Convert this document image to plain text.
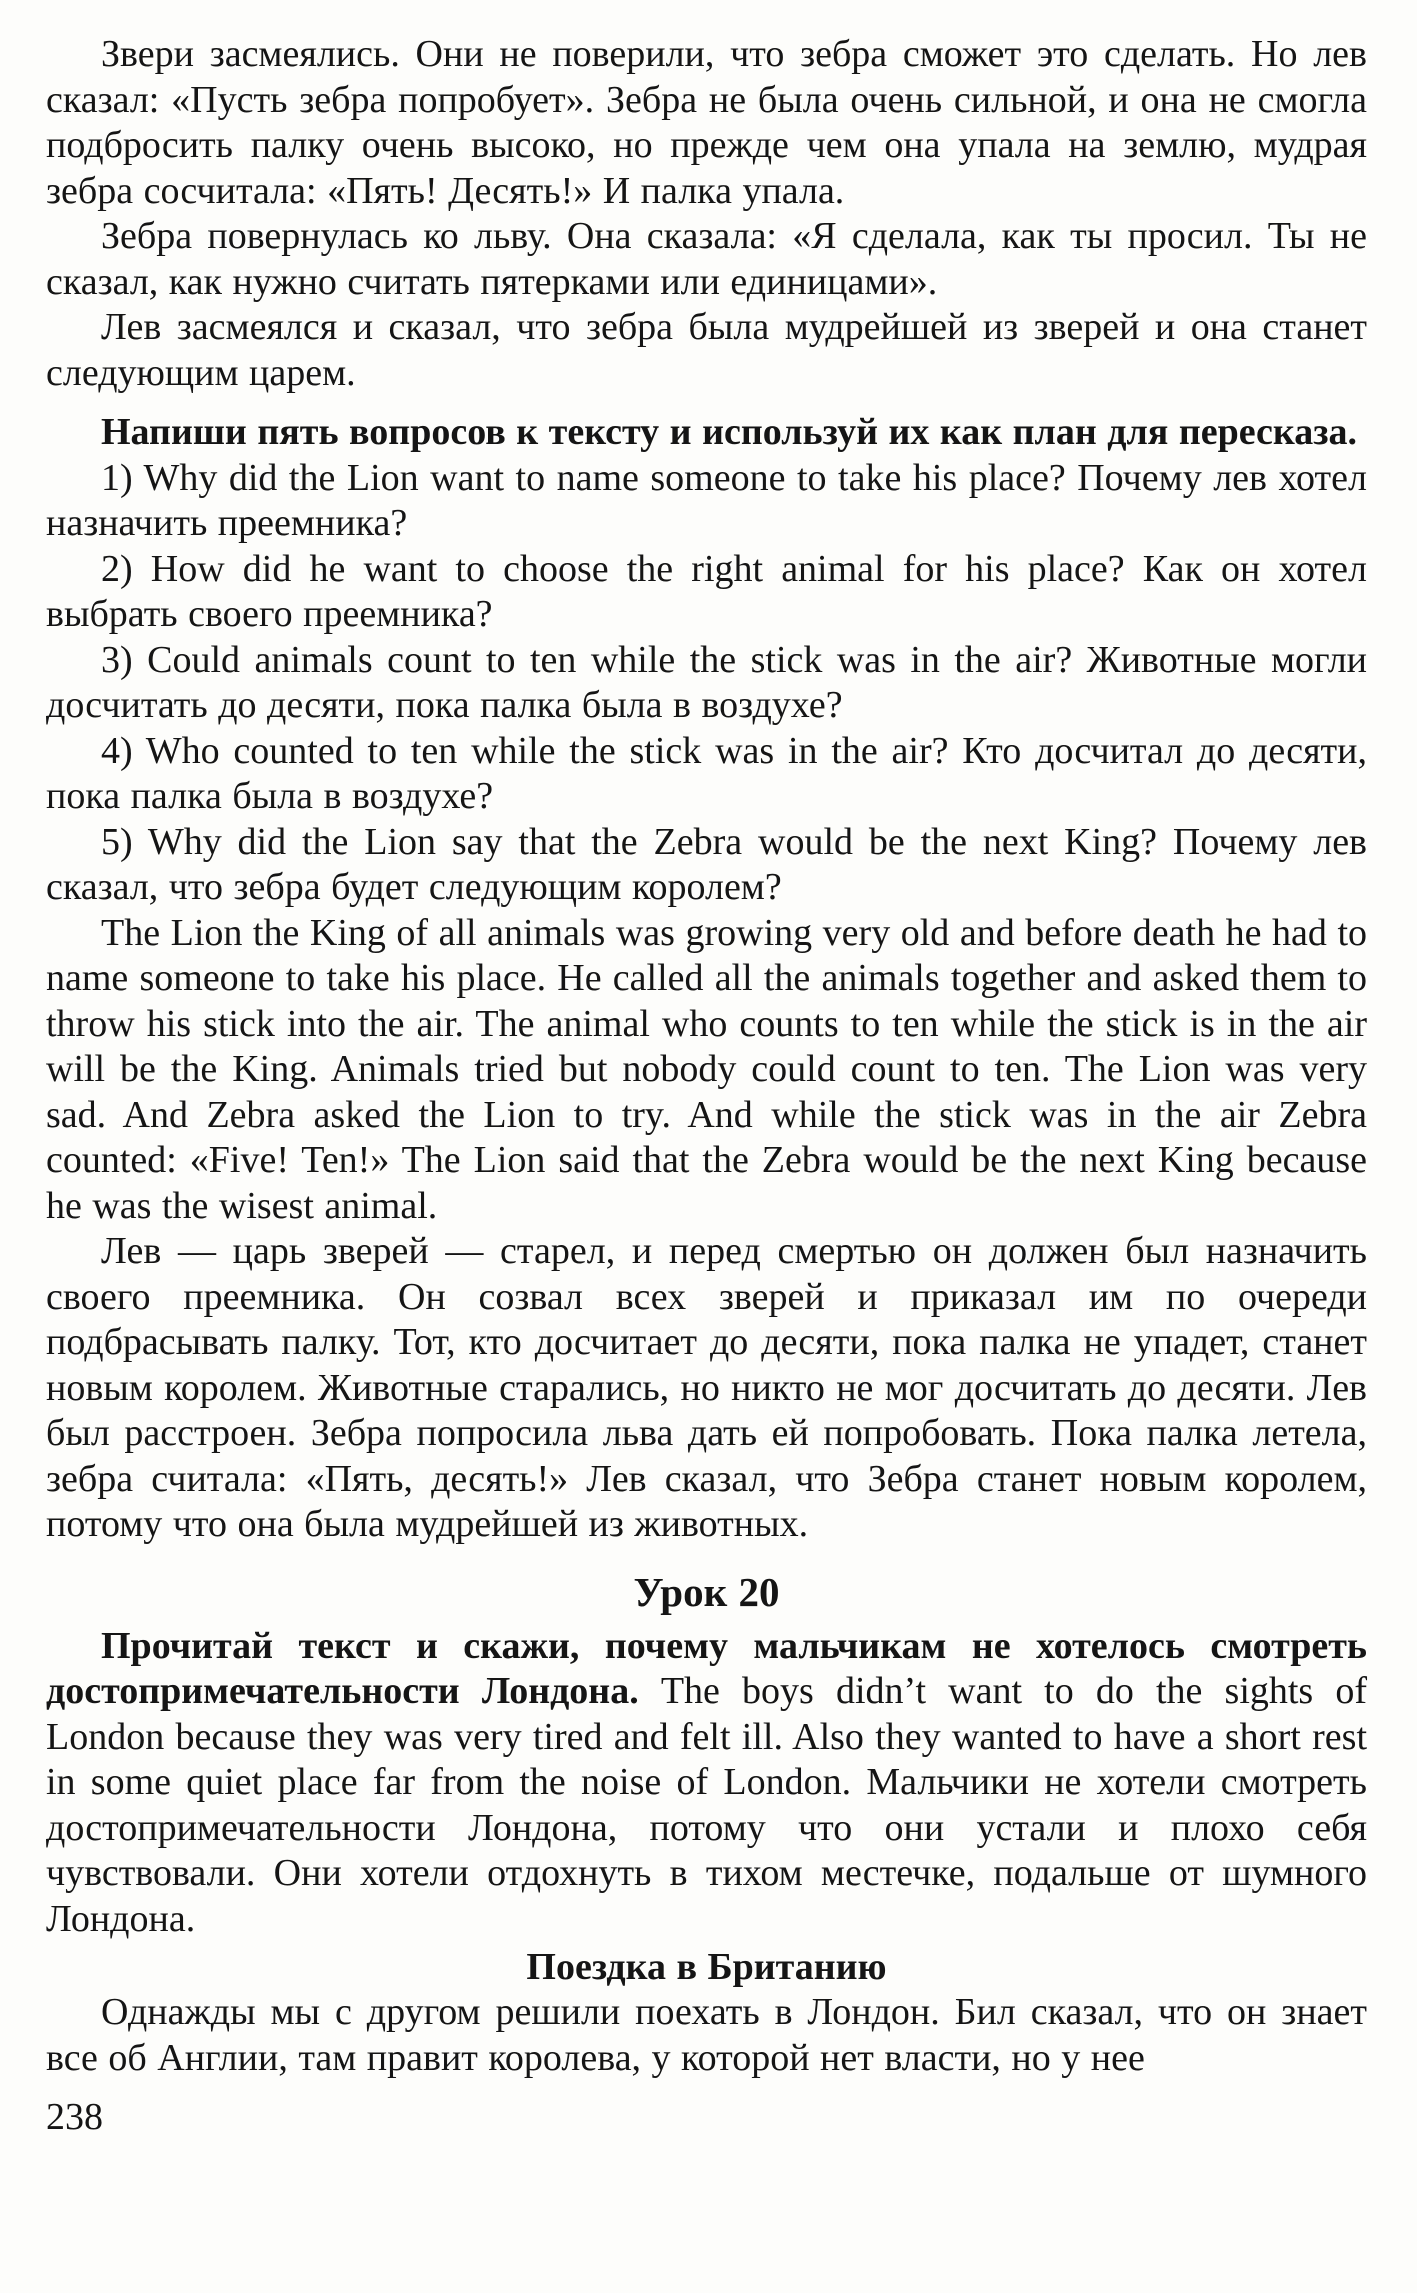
Звери засмеялись. Они не поверили, что зебра сможет это сделать. Но лев сказал: «Пусть зебра попробует». Зебра не была очень сильной, и она не смогла подбросить палку очень высоко, но прежде чем она упала на землю, мудрая зебра сосчитала: «Пять! Десять!» И палка упала.

Зебра повернулась ко льву. Она сказала: «Я сделала, как ты просил. Ты не сказал, как нужно считать пятерками или единицами».

Лев засмеялся и сказал, что зебра была мудрейшей из зверей и она станет следующим царем.

Напиши пять вопросов к тексту и используй их как план для пересказа.

1) Why did the Lion want to name someone to take his place? Почему лев хотел назначить преемника?

2) How did he want to choose the right animal for his place? Как он хотел выбрать своего преемника?

3) Could animals count to ten while the stick was in the air? Животные могли досчитать до десяти, пока палка была в воздухе?

4) Who counted to ten while the stick was in the air? Кто досчитал до десяти, пока палка была в воздухе?

5) Why did the Lion say that the Zebra would be the next King? Почему лев сказал, что зебра будет следующим королем?

The Lion the King of all animals was growing very old and before death he had to name someone to take his place. He called all the animals together and asked them to throw his stick into the air. The animal who counts to ten while the stick is in the air will be the King. Animals tried but nobody could count to ten. The Lion was very sad. And Zebra asked the Lion to try. And while the stick was in the air Zebra counted: «Five! Ten!» The Lion said that the Zebra would be the next King because he was the wisest animal.

Лев — царь зверей — старел, и перед смертью он должен был назначить своего преемника. Он созвал всех зверей и приказал им по очереди подбрасывать палку. Тот, кто досчитает до десяти, пока палка не упадет, станет новым королем. Животные старались, но никто не мог досчитать до десяти. Лев был расстроен. Зебра попросила льва дать ей попробовать. Пока палка летела, зебра считала: «Пять, десять!» Лев сказал, что Зебра станет новым королем, потому что она была мудрейшей из животных.

Урок 20

Прочитай текст и скажи, почему мальчикам не хотелось смотреть достопримечательности Лондона. The boys didn’t want to do the sights of London because they was very tired and felt ill. Also they wanted to have a short rest in some quiet place far from the noise of London. Мальчики не хотели смотреть достопримечательности Лондона, потому что они устали и плохо себя чувствовали. Они хотели отдохнуть в тихом местечке, подальше от шумного Лондона.

Поездка в Британию

Однажды мы с другом решили поехать в Лондон. Бил сказал, что он знает все об Англии, там правит королева, у которой нет власти, но у нее

238
